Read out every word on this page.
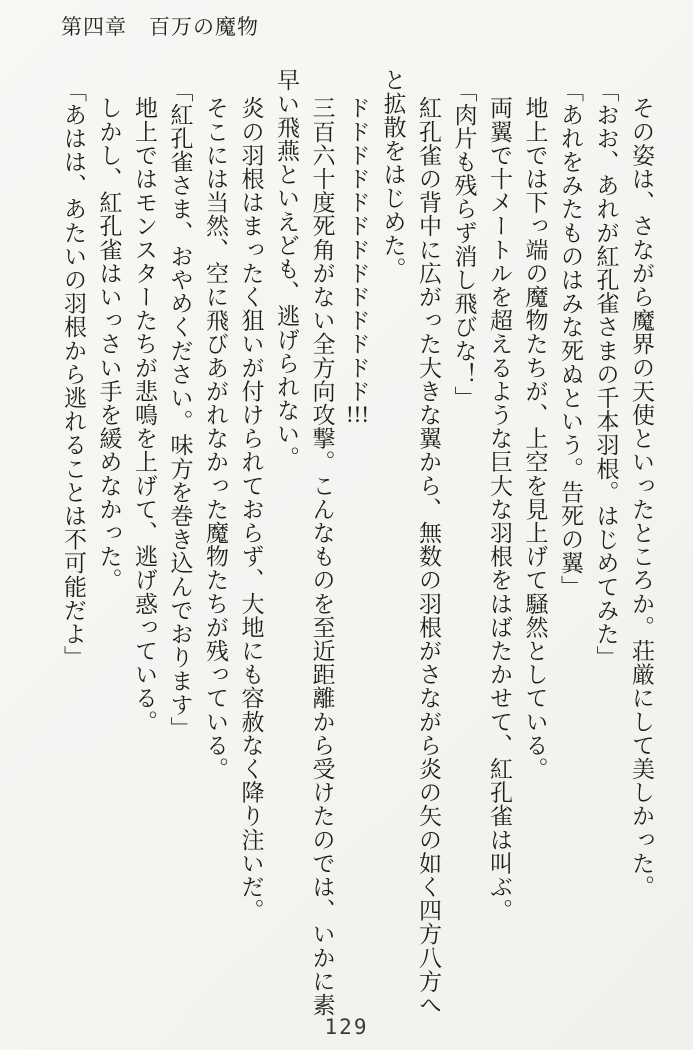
第四章　百万の魔物
その姿は、さながら魔界の天使といったところか。荘厳にして美しかった。
「おお、あれが紅孔雀さまの千本羽根。はじめてみた」
「あれをみたものはみな死ぬという。告死の翼」
地上では下っ端の魔物たちが、上空を見上げて騒然としている。
両翼で十メートルを超えるような巨大な羽根をはばたかせて、紅孔雀は叫ぶ。
「肉片も残らず消し飛びな！」
紅孔雀の背中に広がった大きな翼から、無数の羽根がさながら炎の矢の如く四方八方へ
と拡散をはじめた。
ドドドドドドドドドドドドド!!!
三百六十度死角がない全方向攻撃。こんなものを至近距離から受けたのでは、いかに素
早い飛燕といえども、逃げられない。
炎の羽根はまったく狙いが付けられておらず、大地にも容赦なく降り注いだ。
そこには当然、空に飛びあがれなかった魔物たちが残っている。
「紅孔雀さま、おやめください。味方を巻き込んでおります」
地上ではモンスターたちが悲鳴を上げて、逃げ惑っている。
しかし、紅孔雀はいっさい手を緩めなかった。
「あはは、あたいの羽根から逃れることは不可能だよ」
129
